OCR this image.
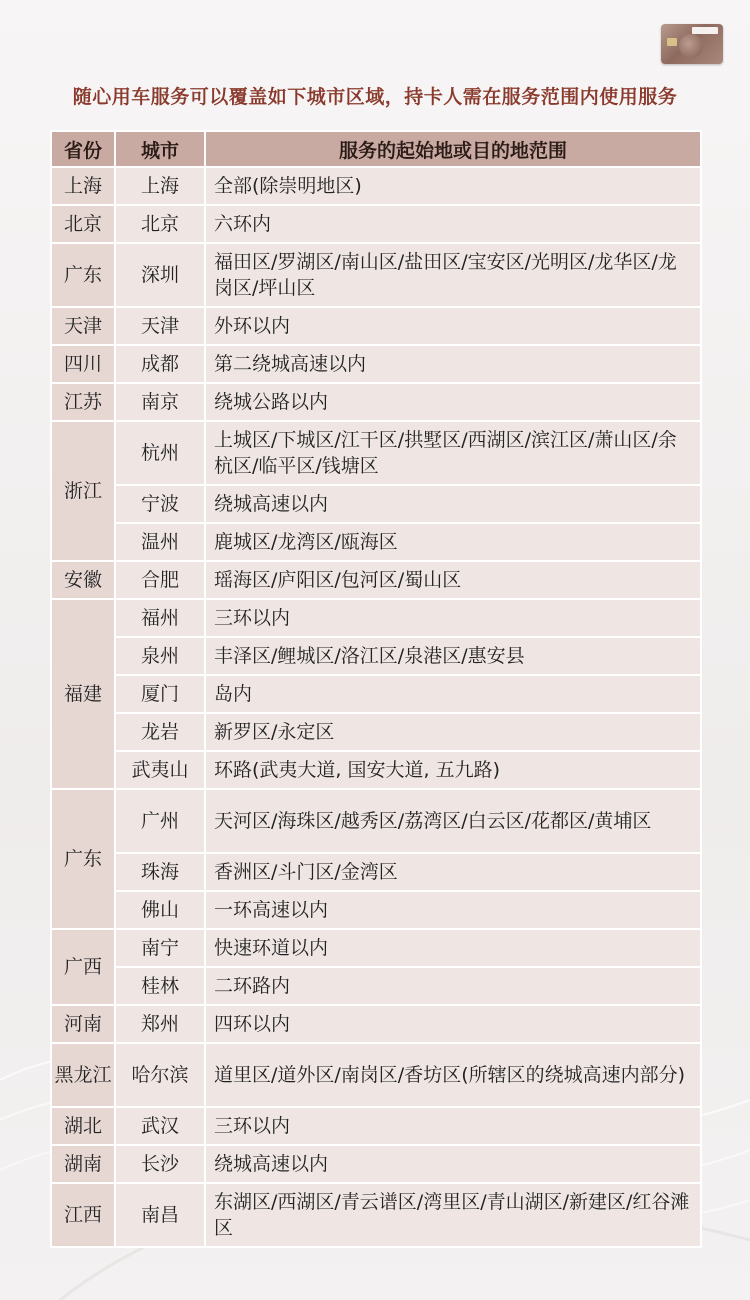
随心用车服务可以覆盖如下城市区域，持卡人需在服务范围内使用服务
省份	城市	服务的起始地或目的地范围
上海	上海	全部(除崇明地区)
北京	北京	六环内
广东	深圳	福田区/罗湖区/南山区/盐田区/宝安区/光明区/龙华区/龙岗区/坪山区
天津	天津	外环以内
四川	成都	第二绕城高速以内
江苏	南京	绕城公路以内
浙江	杭州	上城区/下城区/江干区/拱墅区/西湖区/滨江区/萧山区/余杭区/临平区/钱塘区
	宁波	绕城高速以内
	温州	鹿城区/龙湾区/瓯海区
安徽	合肥	瑶海区/庐阳区/包河区/蜀山区
福建	福州	三环以内
	泉州	丰泽区/鲤城区/洛江区/泉港区/惠安县
	厦门	岛内
	龙岩	新罗区/永定区
	武夷山	环路(武夷大道, 国安大道, 五九路)
广东	广州	天河区/海珠区/越秀区/荔湾区/白云区/花都区/黄埔区
	珠海	香洲区/斗门区/金湾区
	佛山	一环高速以内
广西	南宁	快速环道以内
	桂林	二环路内
河南	郑州	四环以内
黑龙江	哈尔滨	道里区/道外区/南岗区/香坊区(所辖区的绕城高速内部分)
湖北	武汉	三环以内
湖南	长沙	绕城高速以内
江西	南昌	东湖区/西湖区/青云谱区/湾里区/青山湖区/新建区/红谷滩区
